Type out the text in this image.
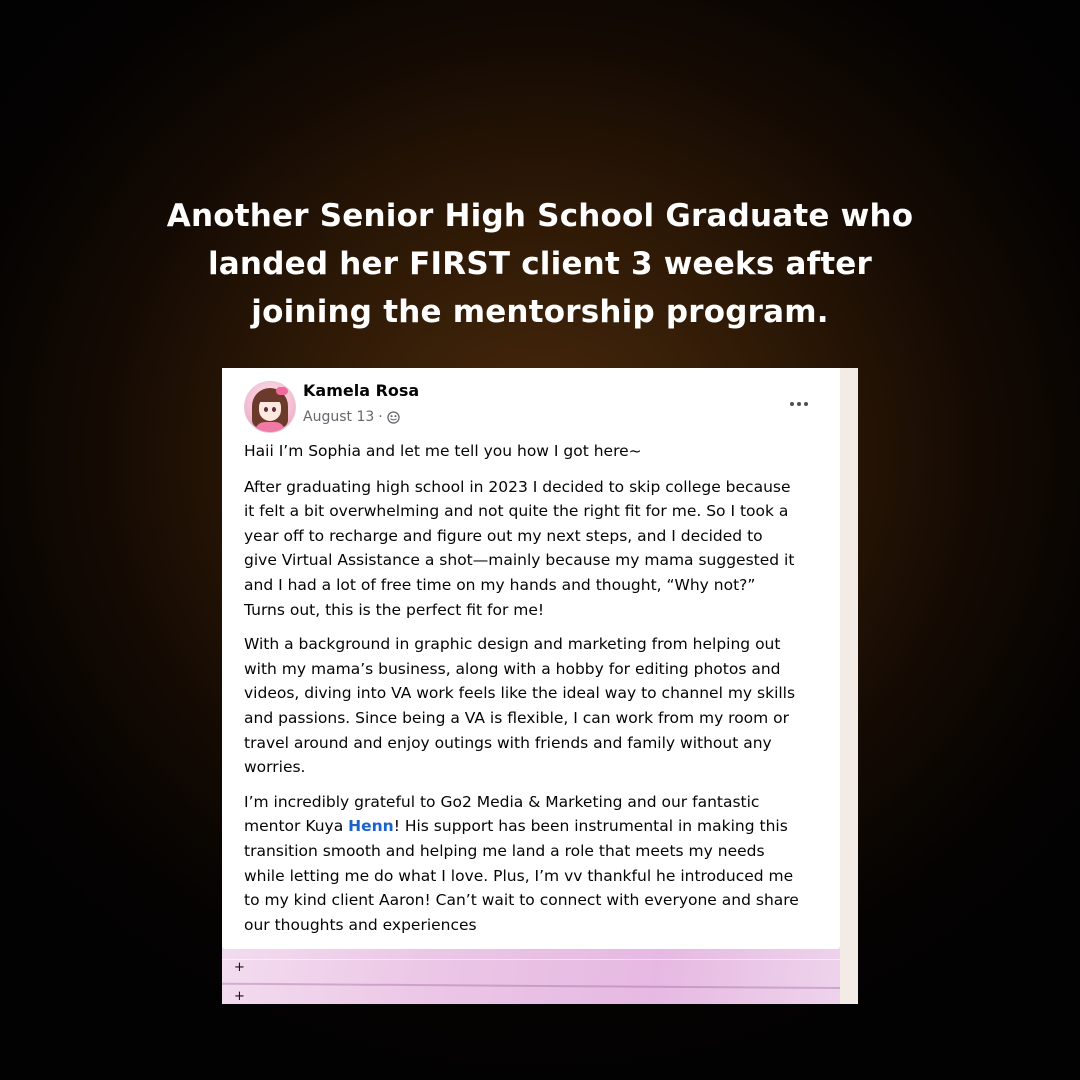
Another Senior High School Graduate who
landed her FIRST client 3 weeks after
joining the mentorship program.
Kamela Rosa
August 13 ·

Haii I’m Sophia and let me tell you how I got here~

After graduating high school in 2023 I decided to skip college because
it felt a bit overwhelming and not quite the right fit for me. So I took a
year off to recharge and figure out my next steps, and I decided to
give Virtual Assistance a shot—mainly because my mama suggested it
and I had a lot of free time on my hands and thought, “Why not?”
Turns out, this is the perfect fit for me!

With a background in graphic design and marketing from helping out
with my mama’s business, along with a hobby for editing photos and
videos, diving into VA work feels like the ideal way to channel my skills
and passions. Since being a VA is flexible, I can work from my room or
travel around and enjoy outings with friends and family without any
worries.

I’m incredibly grateful to Go2 Media & Marketing and our fantastic
mentor Kuya Henn! His support has been instrumental in making this
transition smooth and helping me land a role that meets my needs
while letting me do what I love. Plus, I’m vv thankful he introduced me
to my kind client Aaron! Can’t wait to connect with everyone and share
our thoughts and experiences

+
+
